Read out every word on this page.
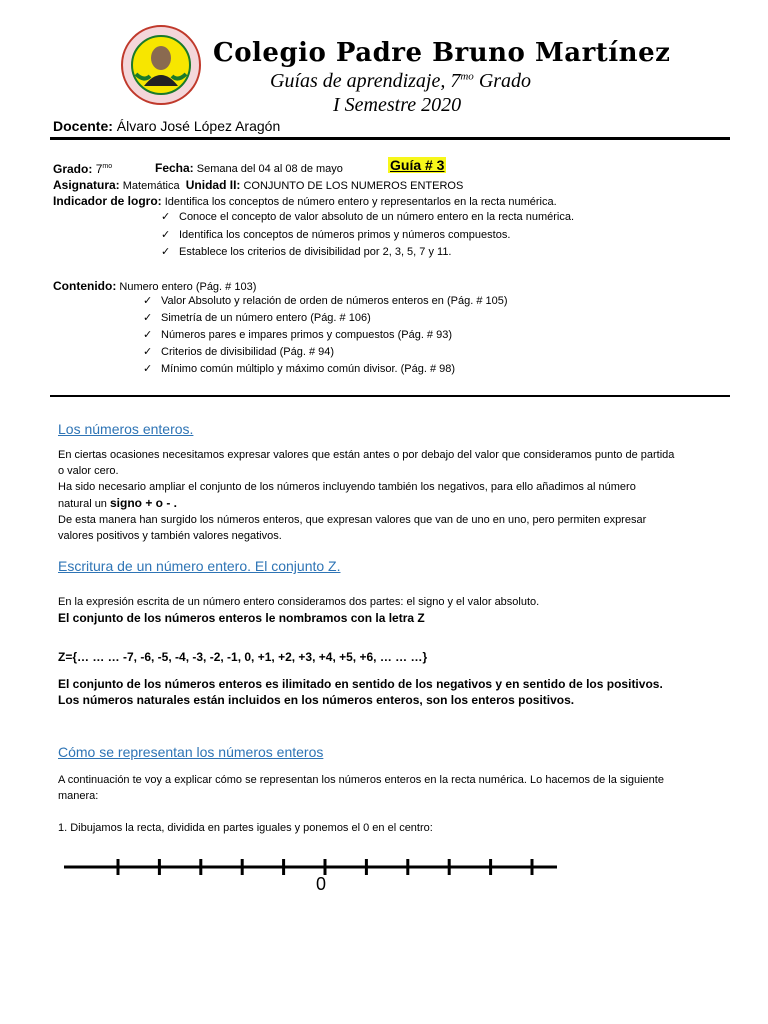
Colegio Padre Bruno Martínez
Guías de aprendizaje, $7^{mo}$ Grado
I Semestre 2020
Docente: Álvaro José López Aragón
Grado: $7^{mo}$	Fecha: Semana del 04 al 08 de mayo	Guía # 3
Asignatura: Matemática Unidad II: CONJUNTO DE LOS NUMEROS ENTEROS
Indicador de logro: Identifica los conceptos de número entero y representarlos en la recta numérica.
✓ Conoce el concepto de valor absoluto de un número entero en la recta numérica.
✓ Identifica los conceptos de números primos y números compuestos.
✓ Establece los criterios de divisibilidad por 2, 3, 5, 7 y 11.
Contenido: Numero entero (Pág. # 103)
✓ Valor Absoluto y relación de orden de números enteros en (Pág. # 105)
✓ Simetría de un número entero (Pág. # 106)
✓ Números pares e impares primos y compuestos (Pág. # 93)
✓ Criterios de divisibilidad (Pág. # 94)
✓ Mínimo común múltiplo y máximo común divisor. (Pág. # 98)
Los números enteros.
En ciertas ocasiones necesitamos expresar valores que están antes o por debajo del valor que consideramos punto de partida
o valor cero.
Ha sido necesario ampliar el conjunto de los números incluyendo también los negativos, para ello añadimos al número
natural un signo + o - .
De esta manera han surgido los números enteros, que expresan valores que van de uno en uno, pero permiten expresar
valores positivos y también valores negativos.
Escritura de un número entero. El conjunto Z.
En la expresión escrita de un número entero consideramos dos partes: el signo y el valor absoluto.
El conjunto de los números enteros le nombramos con la letra Z
Z={… … … -7, -6, -5, -4, -3, -2, -1, 0, +1, +2, +3, +4, +5, +6, … … …}
El conjunto de los números enteros es ilimitado en sentido de los negativos y en sentido de los positivos.
Los números naturales están incluidos en los números enteros, son los enteros positivos.
Cómo se representan los números enteros
A continuación te voy a explicar cómo se representan los números enteros en la recta numérica. Lo hacemos de la siguiente
manera:
1. Dibujamos la recta, dividida en partes iguales y ponemos el 0 en el centro:
0
